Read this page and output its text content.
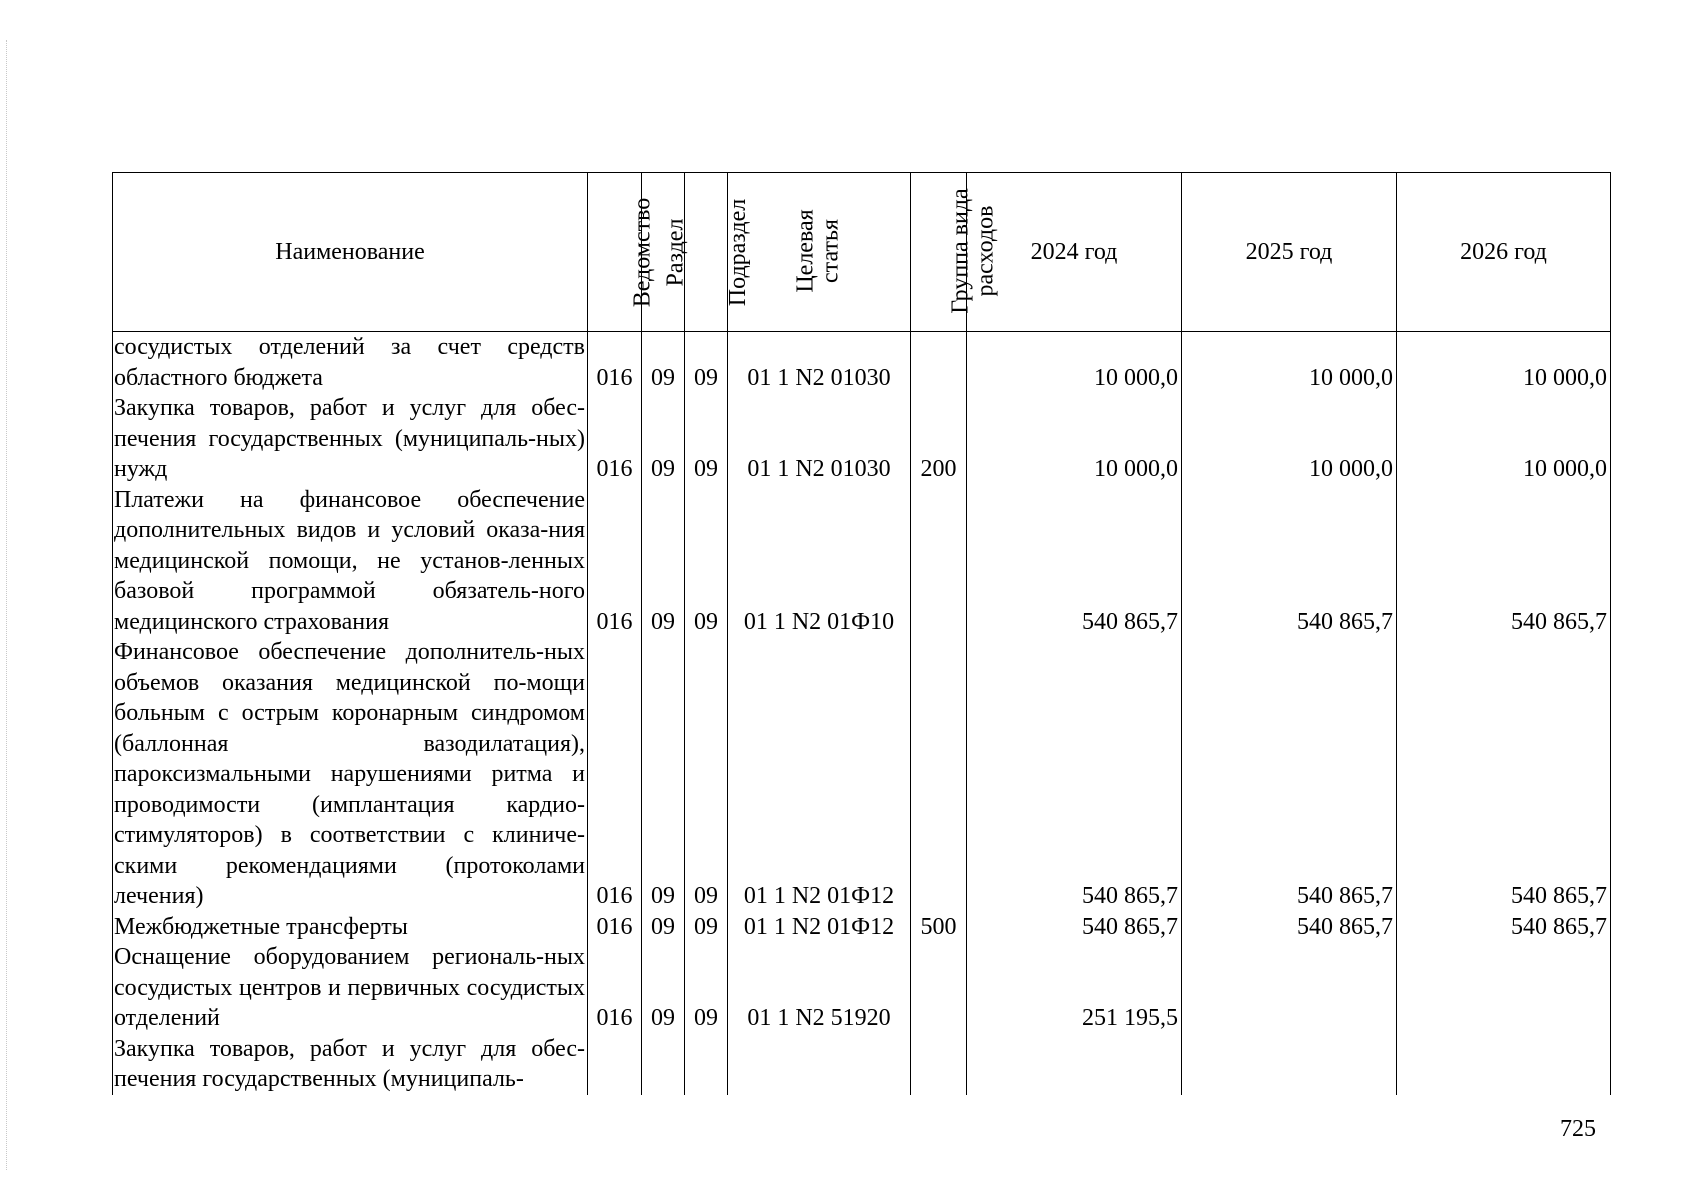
Наименование	Ведомство	Раздел	Подраздел	Целевая статья	Группа вида расходов	2024 год	2025 год	2026 год
сосудистых отделений за счет средств областного бюджета	016	09	09	01 1 N2 01030		10 000,0	10 000,0	10 000,0
Закупка товаров, работ и услуг для обес-печения государственных (муниципаль-ных) нужд	016	09	09	01 1 N2 01030	200	10 000,0	10 000,0	10 000,0
Платежи на финансовое обеспечение дополнительных видов и условий оказа-ния медицинской помощи, не установ-ленных базовой программой обязатель-ного медицинского страхования	016	09	09	01 1 N2 01Ф10		540 865,7	540 865,7	540 865,7
Финансовое обеспечение дополнитель-ных объемов оказания медицинской по-мощи больным с острым коронарным синдромом (баллонная вазодилатация), пароксизмальными нарушениями ритма и проводимости (имплантация кардио-стимуляторов) в соответствии с клиниче-скими рекомендациями (протоколами лечения)	016	09	09	01 1 N2 01Ф12		540 865,7	540 865,7	540 865,7
Межбюджетные трансферты	016	09	09	01 1 N2 01Ф12	500	540 865,7	540 865,7	540 865,7
Оснащение оборудованием региональ-ных сосудистых центров и первичных сосудистых отделений	016	09	09	01 1 N2 51920		251 195,5		
Закупка товаров, работ и услуг для обес-печения государственных (муниципаль-								
725
